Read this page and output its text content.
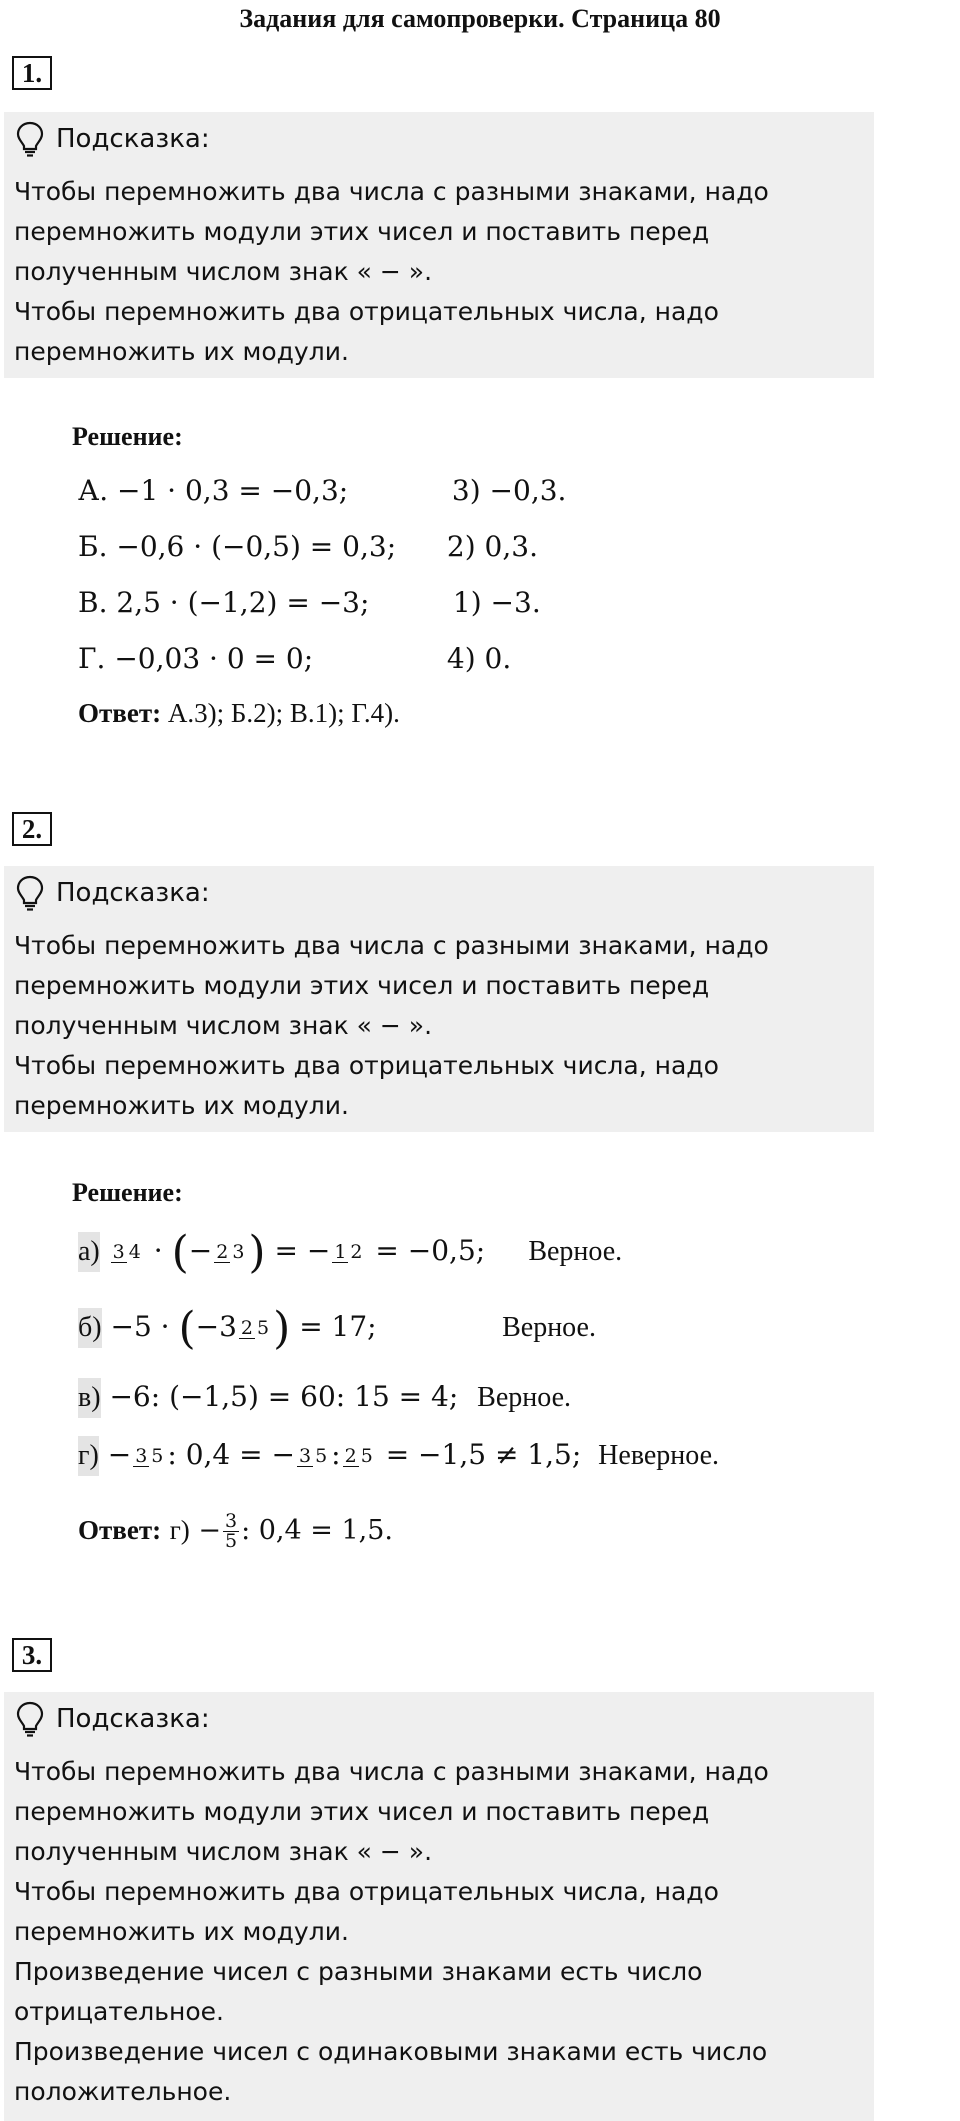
Задания для самопроверки. Страница 80
1.
Подсказка:
Чтобы перемножить два числа с разными знаками, надо
перемножить модули этих чисел и поставить перед
полученным числом знак « − ».
Чтобы перемножить два отрицательных числа, надо
перемножить их модули.
Решение:
А. −1 · 0,3 = −0,3;	3) −0,3.
Б. −0,6 · (−0,5) = 0,3; 2) 0,3.
В. 2,5 · (−1,2) = −3;	1) −3.
Г. −0,03 · 0 = 0;	4) 0.
Ответ: А.3); Б.2); В.1); Г.4).
2.
Подсказка:
Чтобы перемножить два числа с разными знаками, надо
перемножить модули этих чисел и поставить перед
полученным числом знак « − ».
Чтобы перемножить два отрицательных числа, надо
перемножить их модули.
Решение:
а) 3 4 · (− 2 3) = − 1 2 = −0,5; Верное.
б) −5 · (−3 2 5) = 17;	Верное.
в) −6: (−1,5) = 60: 15 = 4; Верное.
г) − 3 5 : 0,4 = − 3 5 : 2 5 = −1,5 ≠ 1,5; Неверное.
Ответ: $г) - \frac{3}{5}$ : 0,4 = 1,5.
3.
Подсказка:
Чтобы перемножить два числа с разными знаками, надо
перемножить модули этих чисел и поставить перед
полученным числом знак « − ».
Чтобы перемножить два отрицательных числа, надо
перемножить их модули.
Произведение чисел с разными знаками есть число
отрицательное.
Произведение чисел с одинаковыми знаками есть число
положительное.
